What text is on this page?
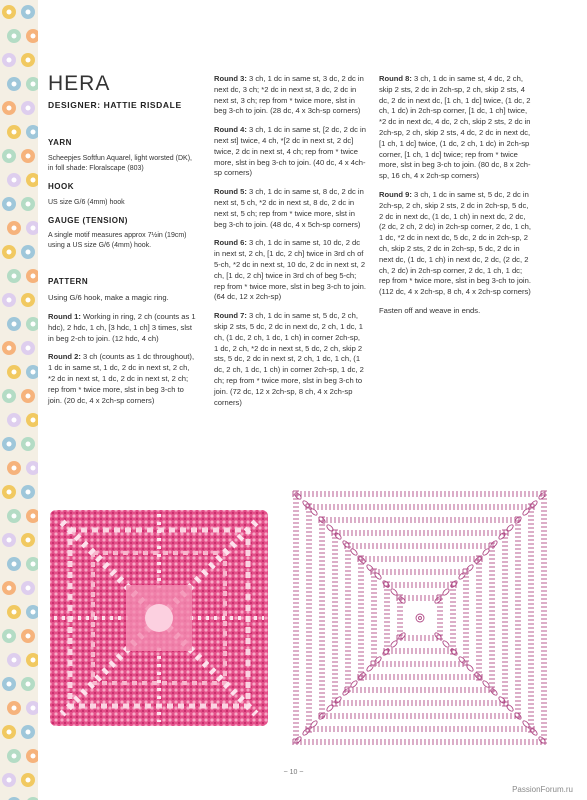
HERA
DESIGNER: HATTIE RISDALE
YARN

Scheepjes Softfun Aquarel, light worsted (DK), in foll shade: Floralscape (803)

HOOK

US size G/6 (4mm) hook

GAUGE (TENSION)

A single motif measures approx 7½in (19cm) using a US size G/6 (4mm) hook.

PATTERN

Using G/6 hook, make a magic ring.

Round 1: Working in ring, 2 ch (counts as 1 hdc), 2 hdc, 1 ch, [3 hdc, 1 ch] 3 times, slst in beg 2-ch to join. (12 hdc, 4 ch)

Round 2: 3 ch (counts as 1 dc throughout), 1 dc in same st, 1 dc, 2 dc in next st, 2 ch, *2 dc in next st, 1 dc, 2 dc in next st, 2 ch; rep from * twice more, slst in beg 3-ch to join. (20 dc, 4 x 2ch-sp corners)

Round 3: 3 ch, 1 dc in same st, 3 dc, 2 dc in next dc, 3 ch; *2 dc in next st, 3 dc, 2 dc in next st, 3 ch; rep from * twice more, slst in beg 3-ch to join. (28 dc, 4 x 3ch-sp corners)

Round 4: 3 ch, 1 dc in same st, [2 dc, 2 dc in next st] twice, 4 ch, *[2 dc in next st, 2 dc] twice, 2 dc in next st, 4 ch; rep from * twice more, slst in beg 3-ch to join. (40 dc, 4 x 4ch-sp corners)

Round 5: 3 ch, 1 dc in same st, 8 dc, 2 dc in next st, 5 ch, *2 dc in next st, 8 dc, 2 dc in next st, 5 ch; rep from * twice more, slst in beg 3-ch to join. (48 dc, 4 x 5ch-sp corners)

Round 6: 3 ch, 1 dc in same st, 10 dc, 2 dc in next st, 2 ch, [1 dc, 2 ch] twice in 3rd ch of 5-ch, *2 dc in next st, 10 dc, 2 dc in next st, 2 ch, [1 dc, 2 ch] twice in 3rd ch of beg 5-ch; rep from * twice more, slst in beg 3-ch to join. (64 dc, 12 x 2ch-sp)

Round 7: 3 ch, 1 dc in same st, 5 dc, 2 ch, skip 2 sts, 5 dc, 2 dc in next dc, 2 ch, 1 dc, 1 ch, (1 dc, 2 ch, 1 dc, 1 ch) in corner 2ch-sp, 1 dc, 2 ch, *2 dc in next st, 5 dc, 2 ch, skip 2 sts, 5 dc, 2 dc in next st, 2 ch, 1 dc, 1 ch, (1 dc, 2 ch, 1 dc, 1 ch) in corner 2ch-sp, 1 dc, 2 ch; rep from * twice more, slst in beg 3-ch to join. (72 dc, 12 x 2ch-sp, 8 ch, 4 x 2ch-sp corners)

Round 8: 3 ch, 1 dc in same st, 4 dc, 2 ch, skip 2 sts, 2 dc in 2ch-sp, 2 ch, skip 2 sts, 4 dc, 2 dc in next dc, [1 ch, 1 dc] twice, (1 dc, 2 ch, 1 dc) in 2ch-sp corner, [1 dc, 1 ch] twice, *2 dc in next dc, 4 dc, 2 ch, skip 2 sts, 2 dc in 2ch-sp, 2 ch, skip 2 sts, 4 dc, 2 dc in next dc, [1 ch, 1 dc] twice, (1 dc, 2 ch, 1 dc) in 2ch-sp corner, [1 ch, 1 dc] twice; rep from * twice more, slst in beg 3-ch to join. (80 dc, 8 x 2ch-sp, 16 ch, 4 x 2ch-sp corners)

Round 9: 3 ch, 1 dc in same st, 5 dc, 2 dc in 2ch-sp, 2 ch, skip 2 sts, 2 dc in 2ch-sp, 5 dc, 2 dc in next dc, (1 dc, 1 ch) in next dc, 2 dc, (2 dc, 2 ch, 2 dc) in 2ch-sp corner, 2 dc, 1 ch, 1 dc, *2 dc in next dc, 5 dc, 2 dc in 2ch-sp, 2 ch, skip 2 sts, 2 dc in 2ch-sp, 5 dc, 2 dc in next dc, (1 dc, 1 ch) in next dc, 2 dc, (2 dc, 2 ch, 2 dc) in 2ch-sp corner, 2 dc, 1 ch, 1 dc; rep from * twice more, slst in beg 3-ch to join. (112 dc, 4 x 2ch-sp, 8 ch, 4 x 2ch-sp corners)

Fasten off and weave in ends.

~ 10 ~
PassionForum.ru
